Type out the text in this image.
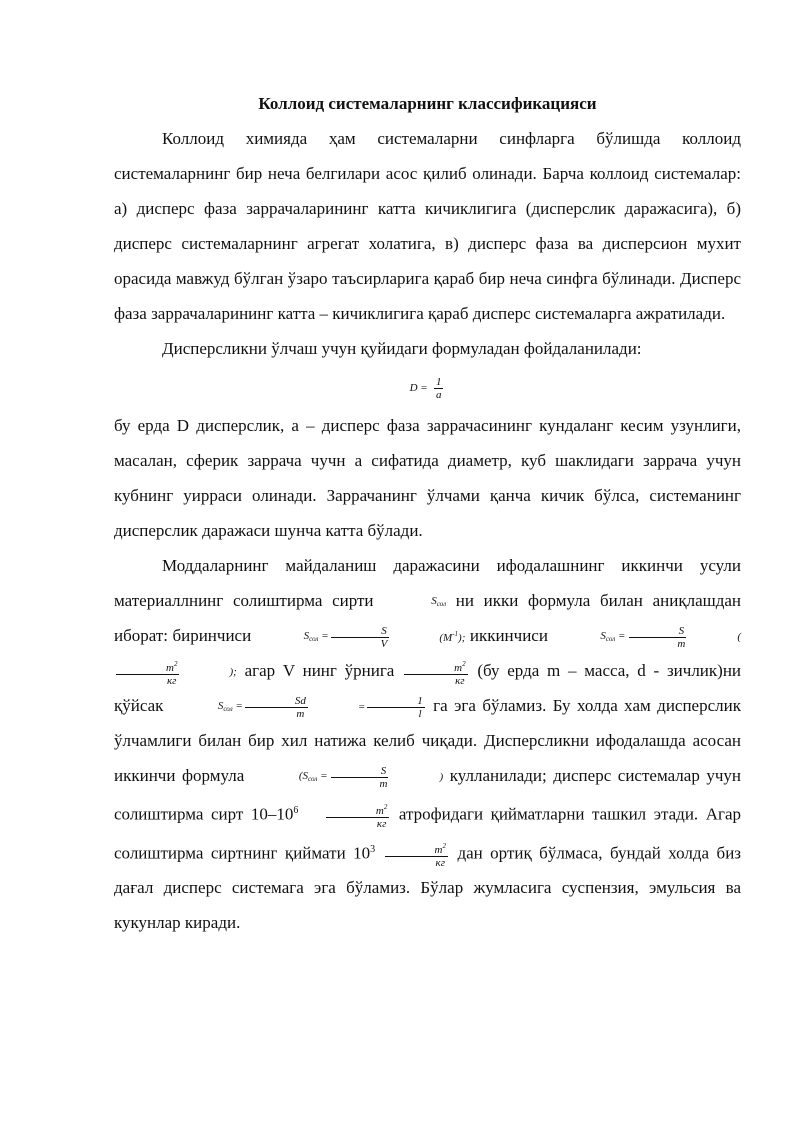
Коллоид системаларнинг классификацияси

Коллоид химияда ҳам системаларни синфларга бўлишда коллоид системаларнинг бир неча белгилари асос қилиб олинади. Барча коллоид системалар: а) дисперс фаза заррачаларининг катта кичиклигига (дисперслик даражасига), б) дисперс системаларнинг агрегат холатига, в) дисперс фаза ва дисперсион мухит орасида мавжуд бўлган ўзаро таъсирларига қараб бир неча синфга бўлинади. Дисперс фаза заррачаларининг катта – кичиклигига қараб дисперс системаларга ажратилади.

Дисперсликни ўлчаш учун қуйидаги формуладан фойдаланилади:

$D = \frac{1}{a}$

бу ерда D дисперслик, а – дисперс фаза заррачасининг кундаланг кесим узунлиги, масалан, сферик заррача чучн а сифатида диаметр, куб шаклидаги заррача учун кубнинг уирраси олинади. Заррачанинг ўлчами қанча кичик бўлса, системанинг дисперслик даражаси шунча катта бўлади.

Моддаларнинг майдаланиш даражасини ифодалашнинг иккинчи усули материаллнинг солиштирма сирти	$S_{сол}$ ни икки формула билан аниқлашдан иборат: биринчиси	$S_{сол} = \frac{S}{V}$	$(M^{-1})$; иккинчиси	$S_{сол} = \frac{S}{m}$	(
$m^2$
кг
); агар V нинг ўрнига	$m^2$
кг
(бу ерда m – масса, d - зичлик)ни қўйсак	$S_{сол} = \frac{Sd}{m}$	= $\frac{1}{l}$ га эга бўламиз. Бу холда хам дисперслик ўлчамлиги билан бир хил натижа келиб чиқади. Дисперсликни ифодалашда асосан иккинчи формула	($S_{сол} = \frac{S}{m}$	) кулланилади; дисперс системалар учун солиштирма сирт $10-10^6$	$m^2$
кг
атрофидаги қийматларни ташкил этади. Агар солиштирма сиртнинг қиймати $10^3$	$m^2$
кг
дан ортиқ бўлмаса, бундай холда биз дағал дисперс системага эга бўламиз. Бўлар жумласига суспензия, эмульсия ва кукунлар киради.
